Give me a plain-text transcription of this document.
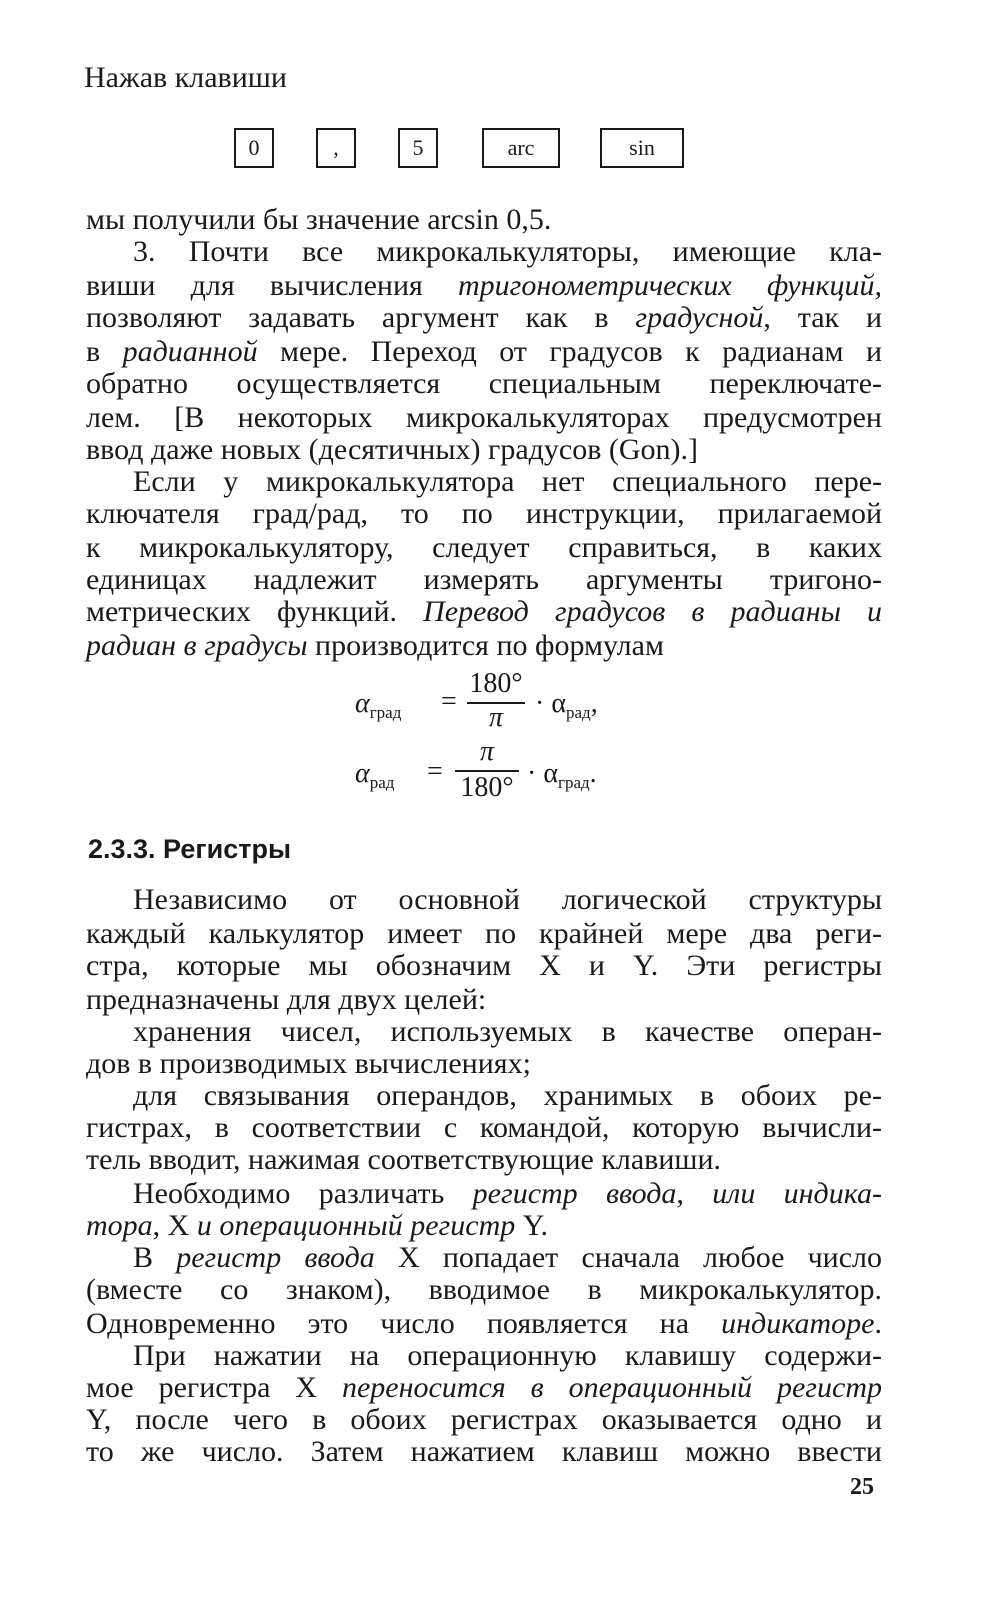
Нажав клавиши
0	,	5	arc	sin
мы получили бы значение arcsin 0,5.
3. Почти все микрокалькуляторы, имеющие кла-
виши для вычисления тригонометрических функций,
позволяют задавать аргумент как в градусной, так и
в радианной мере. Переход от градусов к радианам и
обратно осуществляется специальным переключате-
лем. [В некоторых микрокалькуляторах предусмотрен
ввод даже новых (десятичных) градусов (Gon).]
Если у микрокалькулятора нет специального пере-
ключателя град/рад, то по инструкции, прилагаемой
к микрокалькулятору, следует справиться, в каких
единицах надлежит измерять аргументы тригоно-
метрических функций. Перевод градусов в радианы и
радиан в градусы производится по формулам
$\alpha_{град}$ =
180°
π	· $\alpha_{рад}$,
$\alpha_{рад}$ =
π
$180^\circ \cdot \alpha_{град}$.
2.3.3. Регистры
Независимо от основной логической структуры
каждый калькулятор имеет по крайней мере два реги-
стра, которые мы обозначим X и Y. Эти регистры
предназначены для двух целей:
хранения чисел, используемых в качестве операн-
дов в производимых вычислениях;
для связывания операндов, хранимых в обоих ре-
гистрах, в соответствии с командой, которую вычисли-
тель вводит, нажимая соответствующие клавиши.
Необходимо различать регистр ввода, или индика-
тора, X и операционный регистр Y.
В регистр ввода X попадает сначала любое число
(вместе со знаком), вводимое в микрокалькулятор.
Одновременно это число появляется на индикаторе.
При нажатии на операционную клавишу содержи-
мое регистра X переносится в операционный регистр
Y, после чего в обоих регистрах оказывается одно и
то же число. Затем нажатием клавиш можно ввести
25
